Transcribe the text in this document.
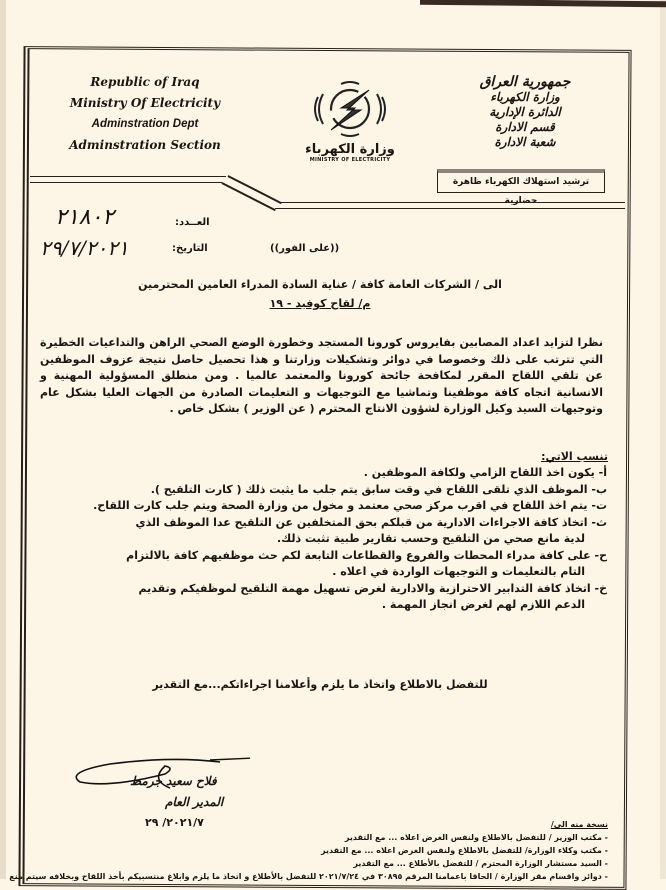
Republic of Iraq
Ministry Of Electricity
Adminstration Dept
Adminstration Section	وزارة الكهرباء
MINISTRY OF ELECTRICITY
جمهورية العراق
وزارة الكهرباء
الدائرة الإدارية
قسم الادارة
شعبة الادارة
ترشيد استهلاك الكهرباء ظاهرة حضارية
العــدد:
٢١٨٠٢
التاريخ:
٢٩/٧/٢٠٢١	((على الفور))
الى / الشركات العامة كافة / عناية السادة المدراء العامين المحترمين
م/ لقاح كوفيد - ١٩

نظرا لتزايد اعداد المصابين بفايروس كورونا المستجد وخطورة الوضع الصحي الراهن والتداعيات الخطيرة التي تترتب على ذلك وخصوصا في دوائر وتشكيلات وزارتنا و هذا تحصيل حاصل نتيجة عزوف الموظفين عن تلقي اللقاح المقرر لمكافحة جائحة كورونا والمعتمد عالميا . ومن منطلق المسؤولية المهنية و الانسانية اتجاه كافة موظفينا وتماشيا مع التوجيهات و التعليمات الصادرة من الجهات العليا بشكل عام وتوجيهات السيد وكيل الوزارة لشؤون الانتاج المحترم ( عن الوزير ) بشكل خاص .

تنسب الاتي:
أ- يكون اخذ اللقاح الزامي ولكافة الموظفين .
ب- الموظف الذي تلقى اللقاح في وقت سابق يتم جلب ما يثبت ذلك ( كارت التلقيح ).
ت- يتم اخذ اللقاح في اقرب مركز صحي معتمد و مخول من وزارة الصحة ويتم جلب كارت اللقاح.
ث- اتخاذ كافة الاجراءات الادارية من قبلكم بحق المتخلفين عن التلقيح عدا الموظف الذي
لدية مانع صحي من التلقيح وحسب تقارير طبية تثبت ذلك.
ح- على كافة مدراء المحطات والفروع والقطاعات التابعة لكم حث موظفيهم كافة بالالتزام
التام بالتعليمات و التوجيهات الواردة في اعلاه .
خ- اتخاذ كافة التدابير الاحترازية والادارية لغرض تسهيل مهمة التلقيح لموظفيكم وتقديم
الدعم اللازم لهم لغرض انجاز المهمة .
للتفضل بالاطلاع واتخاذ ما يلزم وأعلامنا اجراءاتكم...مع التقدير
فلاح سعيد جرمط
المدير العام
٢٠٢١/٧/ ٢٩	نسخة منه الى/
- مكتب الوزير / للتفضل بالاطلاع ولنفس الغرض اعلاه ... مع التقدير
- مكتب وكلاء الوزارة/ للتفضل بالاطلاع ولنفس الغرض اعلاه ... مع التقدير
- السيد مستشار الوزارة المحترم / للتفضل بالأطلاع ... مع التقدير
- دوائر واقسام مقر الوزارة / الحاقا باعمامنا المرقم ٣٠٨٩٥ في ٢٠٢١/٧/٢٤ للتفضل بالأطلاع و اتخاذ ما يلزم وابلاغ منتسبيكم بأخذ اللقاح وبخلافه سيتم منع
